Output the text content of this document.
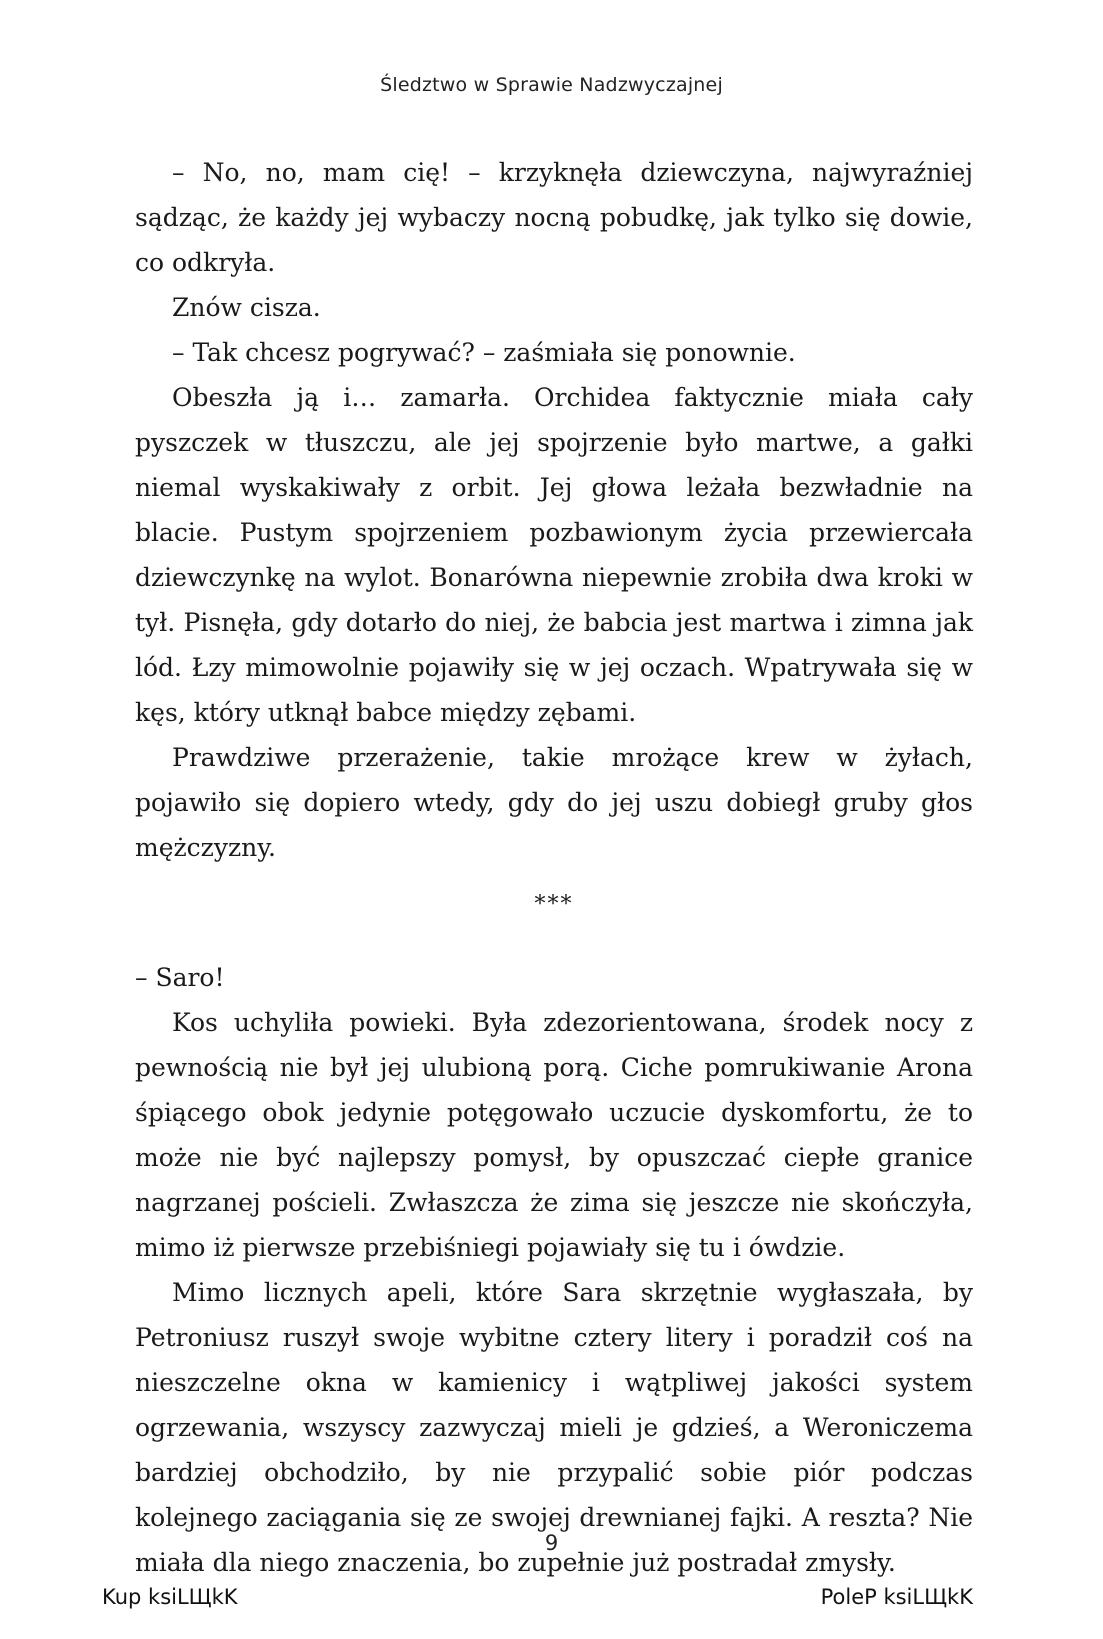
Śledztwo w Sprawie Nadzwyczajnej

– No, no, mam cię! – krzyknęła dziewczyna, najwyraźniej sądząc, że każdy jej wybaczy nocną pobudkę, jak tylko się dowie, co odkryła.

Znów cisza.

– Tak chcesz pogrywać? – zaśmiała się ponownie.

Obeszła ją i… zamarła. Orchidea faktycznie miała cały pyszczek w tłuszczu, ale jej spojrzenie było martwe, a gałki niemal wyskakiwały z orbit. Jej głowa leżała bezwładnie na blacie. Pustym spojrzeniem pozbawionym życia przewiercała dziewczynkę na wylot. Bonarówna niepewnie zrobiła dwa kroki w tył. Pisnęła, gdy dotarło do niej, że babcia jest martwa i zimna jak lód. Łzy mimowolnie pojawiły się w jej oczach. Wpatrywała się w kęs, który utknął babce między zębami.

Prawdziwe przerażenie, takie mrożące krew w żyłach, pojawiło się dopiero wtedy, gdy do jej uszu dobiegł gruby głos mężczyzny.

***

– Saro!

Kos uchyliła powieki. Była zdezorientowana, środek nocy z pewnością nie był jej ulubioną porą. Ciche pomrukiwanie Arona śpiącego obok jedynie potęgowało uczucie dyskomfortu, że to może nie być najlepszy pomysł, by opuszczać ciepłe granice nagrzanej pościeli. Zwłaszcza że zima się jeszcze nie skończyła, mimo iż pierwsze przebiśniegi pojawiały się tu i ówdzie.

Mimo licznych apeli, które Sara skrzętnie wygłaszała, by Petroniusz ruszył swoje wybitne cztery litery i poradził coś na nieszczelne okna w kamienicy i wątpliwej jakości system ogrzewania, wszyscy zazwyczaj mieli je gdzieś, a Weroniczema bardziej obchodziło, by nie przypalić sobie piór podczas kolejnego zaciągania się ze swojej drewnianej fajki. A reszta? Nie miała dla niego znaczenia, bo zupełnie już postradał zmysły.

9
Kup ksiLЩkK	PoleP ksiLЩkK
